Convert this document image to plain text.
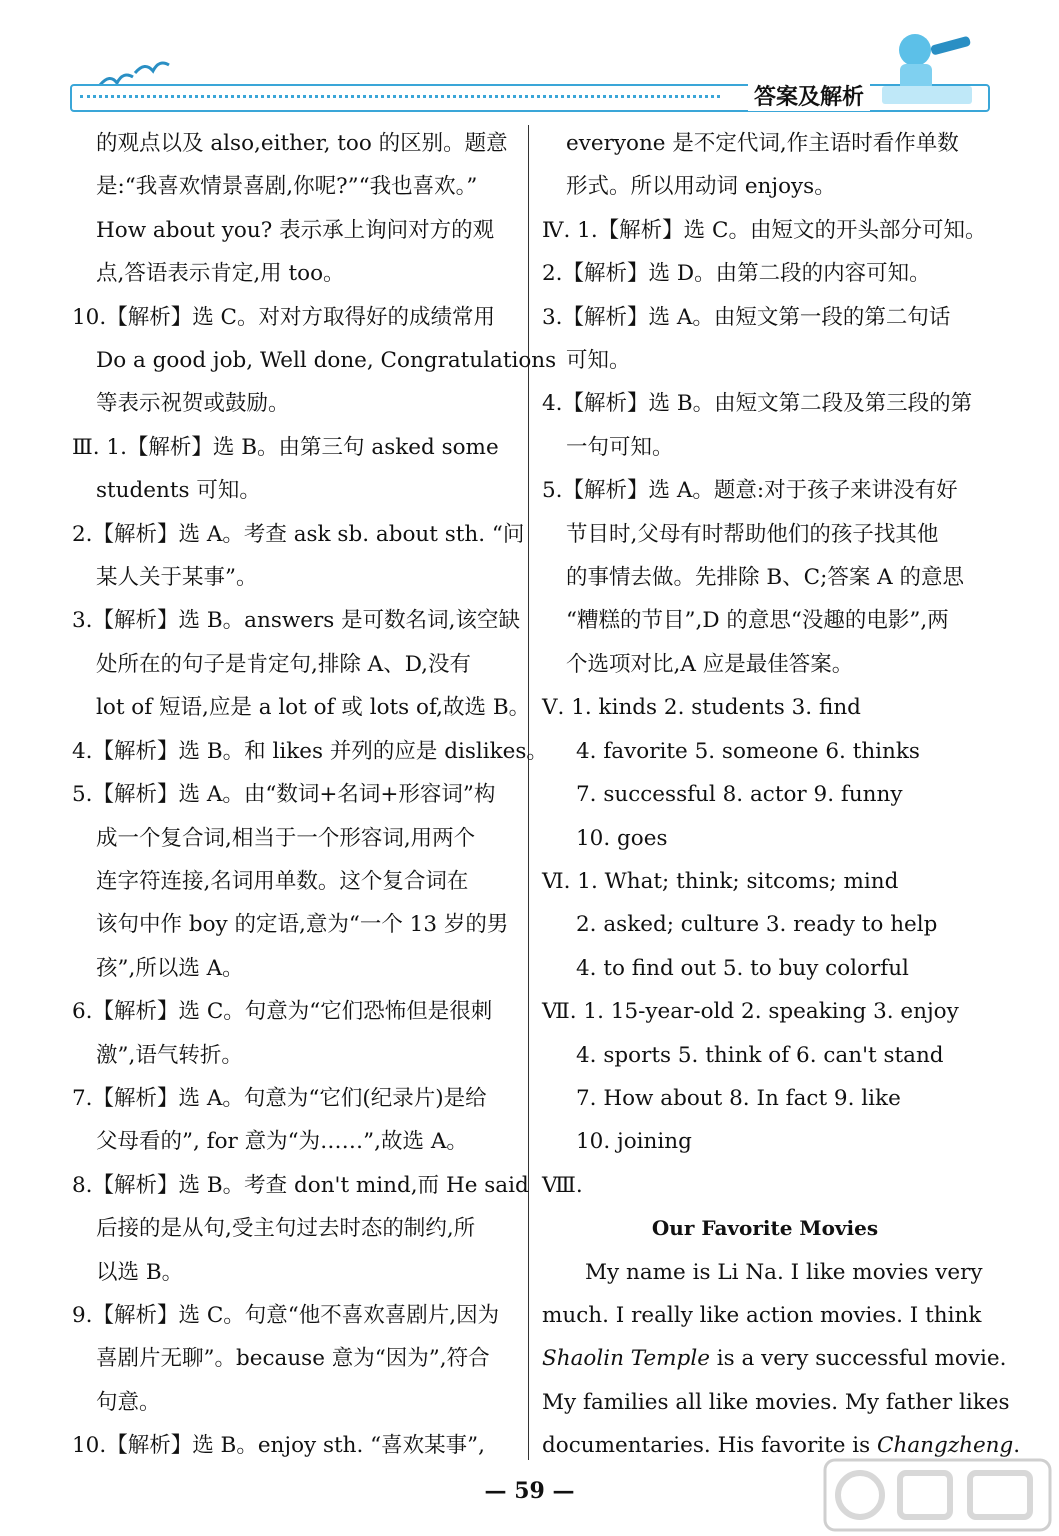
答案及解析
的观点以及 also,either, too 的区别。题意
是:“我喜欢情景喜剧,你呢?”“我也喜欢。”
How about you? 表示承上询问对方的观
点,答语表示肯定,用 too。
10.【解析】选 C。对对方取得好的成绩常用
Do a good job, Well done, Congratulations
等表示祝贺或鼓励。
Ⅲ. 1.【解析】选 B。由第三句 asked some
students 可知。
2.【解析】选 A。考查 ask sb. about sth. “问
某人关于某事”。
3.【解析】选 B。answers 是可数名词,该空缺
处所在的句子是肯定句,排除 A、D,没有
lot of 短语,应是 a lot of 或 lots of,故选 B。
4.【解析】选 B。和 likes 并列的应是 dislikes。
5.【解析】选 A。由“数词+名词+形容词”构
成一个复合词,相当于一个形容词,用两个
连字符连接,名词用单数。这个复合词在
该句中作 boy 的定语,意为“一个 13 岁的男
孩”,所以选 A。
6.【解析】选 C。句意为“它们恐怖但是很刺
激”,语气转折。
7.【解析】选 A。句意为“它们(纪录片)是给
父母看的”, for 意为“为……”,故选 A。
8.【解析】选 B。考查 don't mind,而 He said
后接的是从句,受主句过去时态的制约,所
以选 B。
9.【解析】选 C。句意“他不喜欢喜剧片,因为
喜剧片无聊”。because 意为“因为”,符合
句意。
10.【解析】选 B。enjoy sth. “喜欢某事”,
everyone 是不定代词,作主语时看作单数
形式。所以用动词 enjoys。
Ⅳ. 1.【解析】选 C。由短文的开头部分可知。
2.【解析】选 D。由第二段的内容可知。
3.【解析】选 A。由短文第一段的第二句话
可知。
4.【解析】选 B。由短文第二段及第三段的第
一句可知。
5.【解析】选 A。题意:对于孩子来讲没有好
节目时,父母有时帮助他们的孩子找其他
的事情去做。先排除 B、C;答案 A 的意思
“糟糕的节目”,D 的意思“没趣的电影”,两
个选项对比,A 应是最佳答案。
Ⅴ. 1. kinds 2. students 3. find
4. favorite 5. someone 6. thinks
7. successful 8. actor 9. funny
10. goes
Ⅵ. 1. What; think; sitcoms; mind
2. asked; culture 3. ready to help
4. to find out 5. to buy colorful
Ⅶ. 1. 15-year-old 2. speaking 3. enjoy
4. sports 5. think of 6. can't stand
7. How about 8. In fact 9. like
10. joining
Ⅷ.
Our Favorite Movies
My name is Li Na. I like movies very
much. I really like action movies. I think
Shaolin Temple is a very successful movie.
My families all like movies. My father likes
documentaries. His favorite is Changzheng.
— 59 —
